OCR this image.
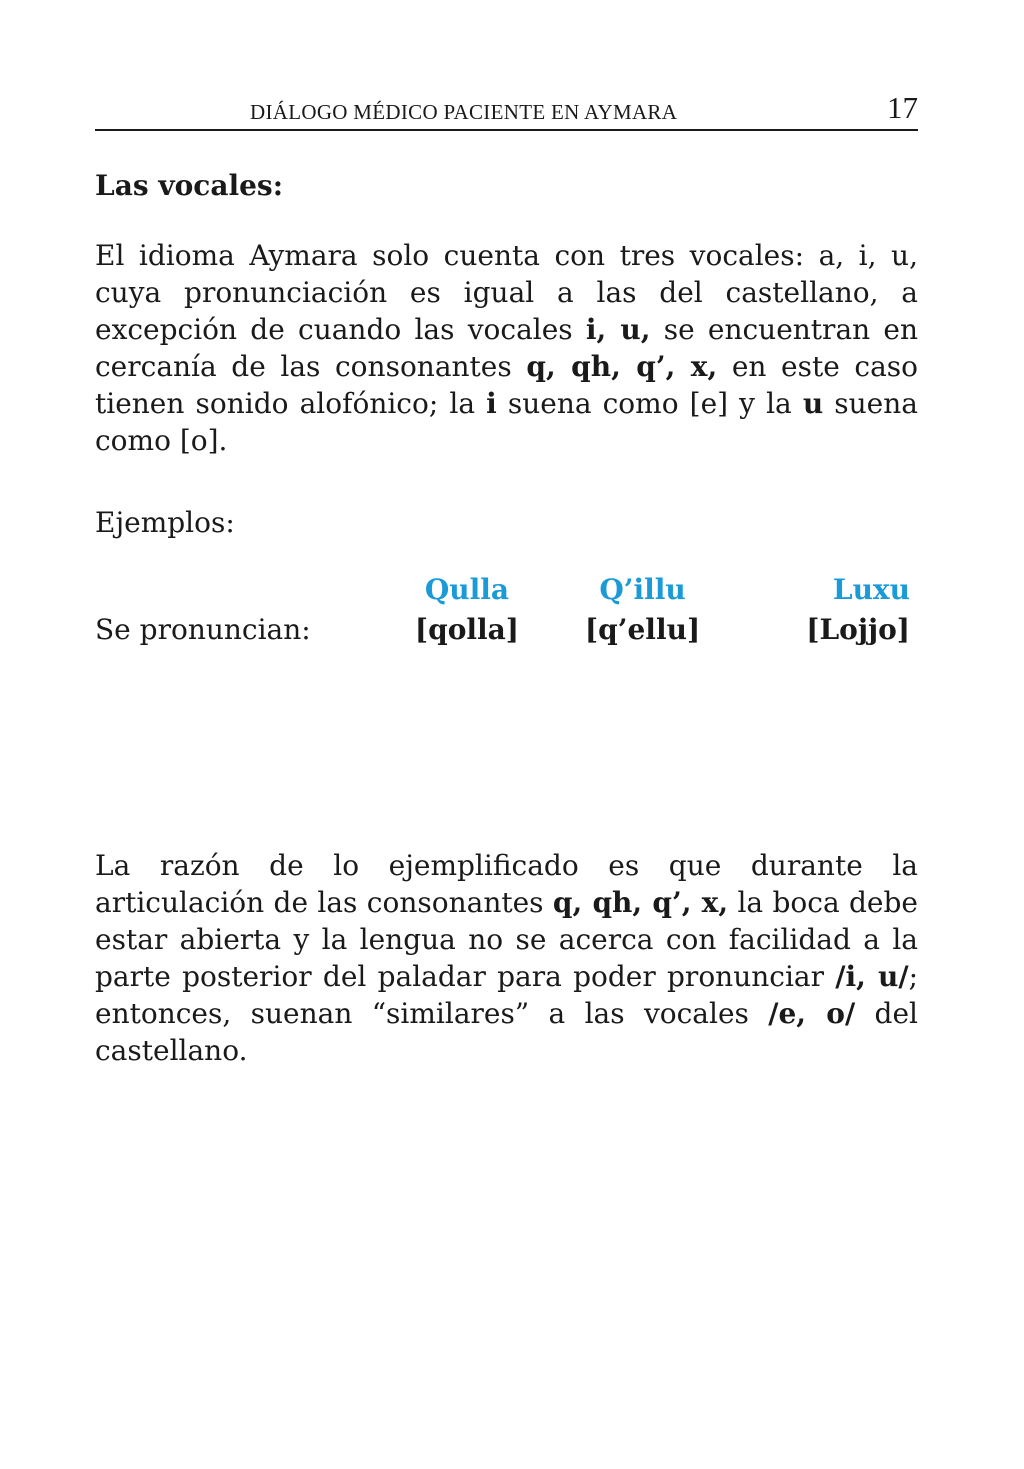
DIÁLOGO MÉDICO PACIENTE EN AYMARA	17
Las vocales:

El idioma Aymara solo cuenta con tres vocales: a, i, u, cuya pronunciación es igual a las del castellano, a excepción de cuando las vocales i, u, se encuentran en cercanía de las consonantes q, qh, q’, x, en este caso tienen sonido alofónico; la i suena como [e] y la u suena como [o].

Ejemplos:

	Qulla	Q’illu	Luxu
Se pronuncian:	[qolla]	[q’ellu]	[Lojjo]

La razón de lo ejemplificado es que durante la articulación de las consonantes q, qh, q’, x, la boca debe estar abierta y la lengua no se acerca con facilidad a la parte posterior del paladar para poder pronunciar /i, u/; entonces, suenan “similares” a las vocales /e, o/ del castellano.
